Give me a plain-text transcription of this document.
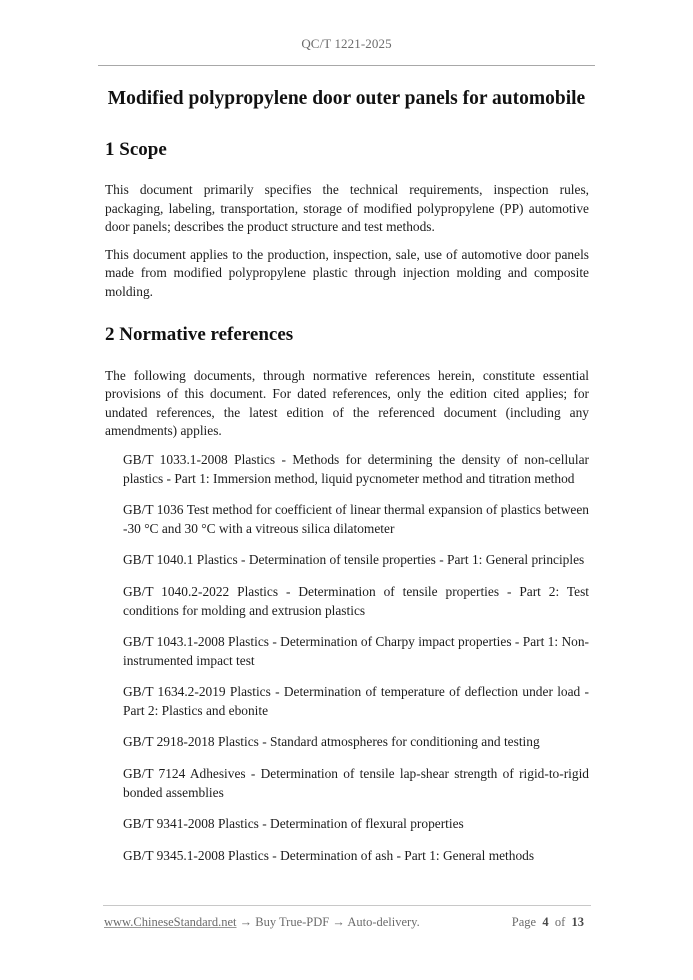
QC/T 1221-2025
Modified polypropylene door outer panels for automobile
1 Scope

This document primarily specifies the technical requirements, inspection rules, packaging, labeling, transportation, storage of modified polypropylene (PP) automotive door panels; describes the product structure and test methods.

This document applies to the production, inspection, sale, use of automotive door panels made from modified polypropylene plastic through injection molding and composite molding.

2 Normative references

The following documents, through normative references herein, constitute essential provisions of this document. For dated references, only the edition cited applies; for undated references, the latest edition of the referenced document (including any amendments) applies.

GB/T 1033.1-2008 Plastics - Methods for determining the density of non-cellular plastics - Part 1: Immersion method, liquid pycnometer method and titration method

GB/T 1036 Test method for coefficient of linear thermal expansion of plastics between -30 °C and 30 °C with a vitreous silica dilatometer

GB/T 1040.1 Plastics - Determination of tensile properties - Part 1: General principles

GB/T 1040.2-2022 Plastics - Determination of tensile properties - Part 2: Test conditions for molding and extrusion plastics

GB/T 1043.1-2008 Plastics - Determination of Charpy impact properties - Part 1: Non-instrumented impact test

GB/T 1634.2-2019 Plastics - Determination of temperature of deflection under load - Part 2: Plastics and ebonite

GB/T 2918-2018 Plastics - Standard atmospheres for conditioning and testing

GB/T 7124 Adhesives - Determination of tensile lap-shear strength of rigid-to-rigid bonded assemblies

GB/T 9341-2008 Plastics - Determination of flexural properties

GB/T 9345.1-2008 Plastics - Determination of ash - Part 1: General methods

www.ChineseStandard.net → Buy True-PDF → Auto-delivery.	Page 4 of 13
